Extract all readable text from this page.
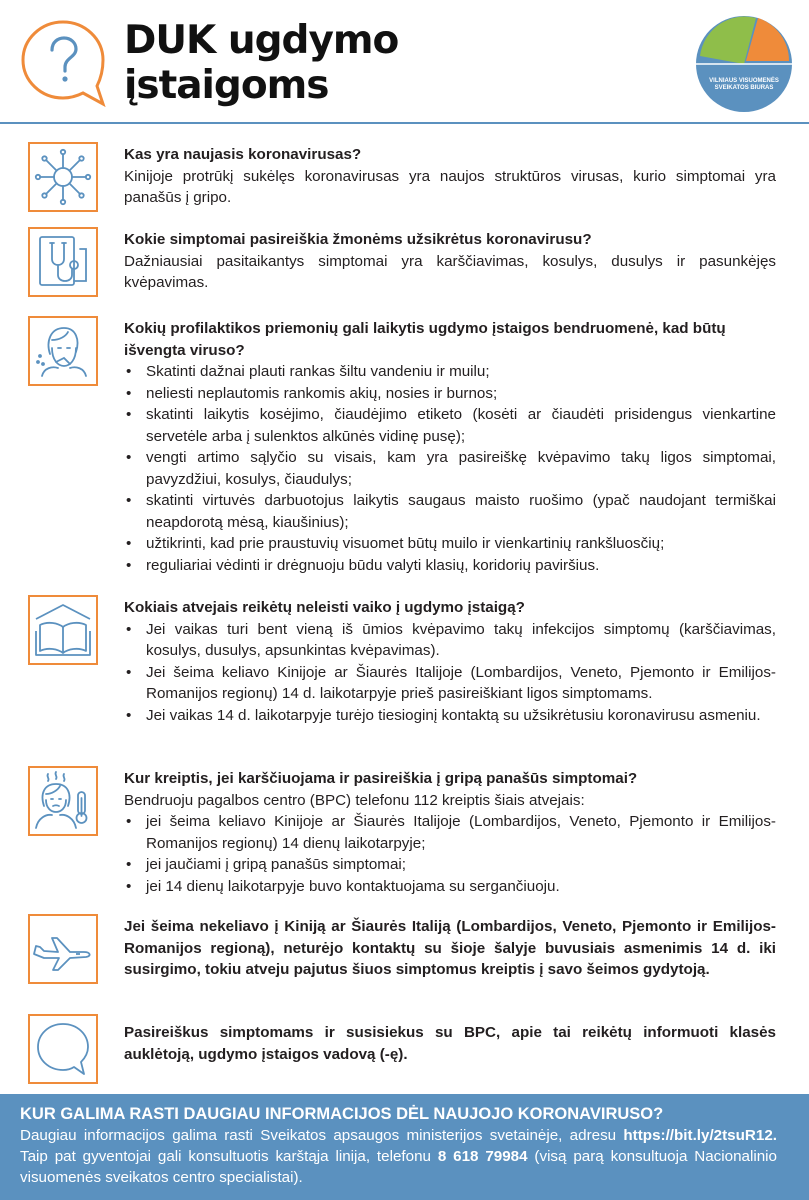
DUK ugdymo
įstaigoms	VILNIAUS VISUOMENĖS
SVEIKATOS BIURAS
Kas yra naujasis koronavirusas?
Kinijoje protrūkį sukėlęs koronavirusas yra naujos struktūros virusas, kurio simptomai yra panašūs į gripo.
Kokie simptomai pasireiškia žmonėms užsikrėtus koronavirusu?
Dažniausiai pasitaikantys simptomai yra karščiavimas, kosulys, dusulys ir pasunkėjęs kvėpavimas.
Kokių profilaktikos priemonių gali laikytis ugdymo įstaigos bendruomenė, kad būtų išvengta viruso?
• Skatinti dažnai plauti rankas šiltu vandeniu ir muilu;
• neliesti neplautomis rankomis akių, nosies ir burnos;
• skatinti laikytis kosėjimo, čiaudėjimo etiketo (kosėti ar čiaudėti prisidengus vienkartine servetėle arba į sulenktos alkūnės vidinę pusę);
• vengti artimo sąlyčio su visais, kam yra pasireiškę kvėpavimo takų ligos simptomai, pavyzdžiui, kosulys, čiaudulys;
• skatinti virtuvės darbuotojus laikytis saugaus maisto ruošimo (ypač naudojant termiškai neapdorotą mėsą, kiaušinius);
• užtikrinti, kad prie praustuvių visuomet būtų muilo ir vienkartinių rankšluosčių;
• reguliariai vėdinti ir drėgnuoju būdu valyti klasių, koridorių paviršius.
Kokiais atvejais reikėtų neleisti vaiko į ugdymo įstaigą?
• Jei vaikas turi bent vieną iš ūmios kvėpavimo takų infekcijos simptomų (karščiavimas, kosulys, dusulys, apsunkintas kvėpavimas).
• Jei šeima keliavo Kinijoje ar Šiaurės Italijoje (Lombardijos, Veneto, Pjemonto ir Emilijos-Romanijos regionų) 14 d. laikotarpyje prieš pasireiškiant ligos simptomams.
• Jei vaikas 14 d. laikotarpyje turėjo tiesioginį kontaktą su užsikrėtusiu koronavirusu asmeniu.
Kur kreiptis, jei karščiuojama ir pasireiškia į gripą panašūs simptomai?
Bendruoju pagalbos centro (BPC) telefonu 112 kreiptis šiais atvejais:
• jei šeima keliavo Kinijoje ar Šiaurės Italijoje (Lombardijos, Veneto, Pjemonto ir Emilijos-Romanijos regionų) 14 dienų laikotarpyje;
• jei jaučiami į gripą panašūs simptomai;
• jei 14 dienų laikotarpyje buvo kontaktuojama su sergančiuoju.
Jei šeima nekeliavo į Kiniją ar Šiaurės Italiją (Lombardijos, Veneto, Pjemonto ir Emilijos-Romanijos regioną), neturėjo kontaktų su šioje šalyje buvusiais asmenimis 14 d. iki susirgimo, tokiu atveju pajutus šiuos simptomus kreiptis į savo šeimos gydytoją.
Pasireiškus simptomams ir susisiekus su BPC, apie tai reikėtų informuoti klasės auklėtoją, ugdymo įstaigos vadovą (-ę).
KUR GALIMA RASTI DAUGIAU INFORMACIJOS DĖL NAUJOJO KORONAVIRUSO?
Daugiau informacijos galima rasti Sveikatos apsaugos ministerijos svetainėje, adresu https://bit.ly/2tsuR12. Taip pat gyventojai gali konsultuotis karštąja linija, telefonu 8 618 79984 (visą parą konsultuoja Nacionalinio visuomenės sveikatos centro specialistai).
